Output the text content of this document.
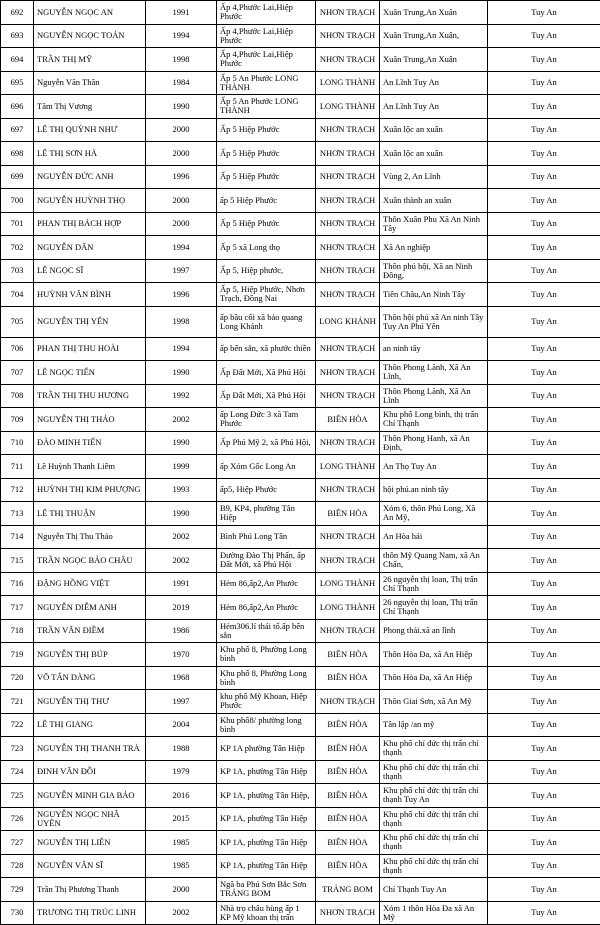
692	NGUYỄN NGỌC AN	1991	Ấp 4,Phước Lai,Hiệp Phước	NHƠN TRẠCH	Xuân Trung,An Xuân	Tuy An
693	NGUYỄN NGỌC TOẢN	1994	Ấp 4,Phước Lai,Hiệp Phước	NHƠN TRẠCH	Xuân Trung,An Xuân,	Tuy An
694	TRẦN THỊ MỸ	1998	Ấp 4,Phước Lai,Hiệp Phước	NHƠN TRẠCH	Xuân Trung,An Xuân	Tuy An
695	Nguyễn Văn Thân	1984	Ấp 5 An Phước LONG THÀNH	LONG THÀNH	An Lĩnh Tuy An	Tuy An
696	Tăm Thị Vương	1990	Ấp 5 An Phước LONG THÀNH	LONG THÀNH	An Lĩnh Tuy An	Tuy An
697	LÊ THỊ QUỲNH NHƯ	2000	Ấp 5 Hiệp Phước	NHƠN TRẠCH	Xuân lộc an xuân	Tuy An
698	LÊ THỊ SƠN HÀ	2000	Ấp 5 Hiệp Phước	NHƠN TRẠCH	Xuân lộc an xuân	Tuy An
699	NGUYỄN ĐỨC ANH	1996	Ấp 5 Hiệp Phước	NHƠN TRẠCH	Vùng 2, An Lĩnh	Tuy An
700	NGUYỄN HUỲNH THỌ	2000	ấp 5 Hiệp Phước	NHƠN TRẠCH	Xuân thành an xuân	Tuy An
701	PHAN THỊ BÁCH HỢP	2000	Ấp 5 Hiệp Phước	NHƠN TRẠCH	Thôn Xuân Phu Xã An Ninh Tây	Tuy An
702	NGUYỄN DÂN	1994	Ấp 5 xã Long thọ	NHƠN TRẠCH	Xã An nghiệp	Tuy An
703	LÊ NGỌC SĨ	1997	Ấp 5, Hiệp phước,	NHƠN TRẠCH	Thôn phú hội, Xã an Ninh Đông,	Tuy An
704	HUỲNH VĂN BÌNH	1996	Ấp 5, Hiệp Phước, Nhơn Trạch, Đồng Nai	NHƠN TRẠCH	Tiên Châu,An Ninh Tây	Tuy An
705	NGUYỄN THỊ YẾN	1998	ấp bầu cối xã bảo quang Long Khánh	LONG KHÁNH	Thôn hội phú xã An ninh Tây Tuy An Phú Yên	Tuy An
706	PHAN THỊ THU HOÀI	1994	ấp bến sắn, xã phước thiền	NHƠN TRẠCH	an ninh tây	Tuy An
707	LÊ NGỌC TIẾN	1990	Ấp Đất Mới, Xã Phú Hội	NHƠN TRẠCH	Thôn Phong Lãnh, Xã An Lĩnh,	Tuy An
708	TRẦN THỊ THU HƯƠNG	1992	Ấp Đất Mới, Xã Phú Hội	NHƠN TRẠCH	Thôn Phong Lãnh, Xã An Lĩnh	Tuy An
709	NGUYỄN THỊ THẢO	2002	ấp Long Đức 3 xã Tam Phước	BIÊN HÒA	Khu phố Long bình, thị trấn Chí Thạnh	Tuy An
710	ĐÀO MINH TIẾN	1990	Ấp Phú Mỹ 2, xã Phú Hội,	NHƠN TRẠCH	Thôn Phong Hanh, xã An Định,	Tuy An
711	Lê Huỳnh Thanh Liêm	1999	ấp Xóm Gốc Long An	LONG THÀNH	An Thọ Tuy An	Tuy An
712	HUỲNH THỊ KIM PHƯỢNG	1993	ấp5, Hiệp Phước	NHƠN TRẠCH	hội phú.an ninh tây	Tuy An
713	LÊ THỊ THUẬN	1990	B9, KP4, phường Tân Hiệp	BIÊN HÒA	Xóm 6, thôn Phú Long, Xã An Mỹ,	Tuy An
714	Nguyễn Thị Thu Thảo	2002	Bình Phú Long Tân	NHƠN TRẠCH	An Hòa hải	Tuy An
715	TRẦN NGỌC BẢO CHÂU	2002	Đường Đào Thị Phấn, ấp Đất Mới, xã Phú Hội	NHƠN TRẠCH	thôn Mỹ Quang Nam, xã An Chấn,	Tuy An
716	ĐẶNG HỒNG VIỆT	1991	Hẻm 86,ấp2,An Phước	LONG THÀNH	26 nguyễn thị loan, Thị trấn Chí Thạnh	Tuy An
717	NGUYỄN DIỄM ANH	2019	Hẻm 86,ấp2,An Phước	LONG THÀNH	26 nguyễn thị loan, Thị trấn Chí Thạnh	Tuy An
718	TRẦN VĂN ĐIỀM	1986	Hẻm306.lí thái tổ.ấp bến sắn	NHƠN TRẠCH	Phong thái.xã an lĩnh	Tuy An
719	NGUYỄN THỊ BÚP	1970	Khu phố 8, Phường Long bình	BIÊN HÒA	Thôn Hòa Đa, xã An Hiệp	Tuy An
720	VÕ TẤN DÀNG	1968	Khu phố 8, Phường Long bình	BIÊN HÒA	Thôn Hòa Đa, xã An Hiệp	Tuy An
721	NGUYỄN THỊ THƯ	1997	khu phố Mỹ Khoan, Hiệp Phước	NHƠN TRẠCH	Thôn Giai Sơn, xã An Mỹ	Tuy An
722	LÊ THỊ GIANG	2004	Khu phố8/ phường long bình	BIÊN HÒA	Tân lập /an mỹ	Tuy An
723	NGUYỄN THỊ THANH TRÀ	1988	KP 1A phường Tân Hiệp	BIÊN HÒA	Khu phố chí đức thị trấn chí thạnh	Tuy An
724	ĐINH VĂN ĐỒI	1979	KP 1A, phường Tân Hiệp	BIÊN HÒA	Khu phố chí đức thị trấn chí thạnh	Tuy An
725	NGUYỄN MINH GIA BẢO	2016	KP 1A, phường Tân Hiệp,	BIÊN HÒA	Khu phố chí đức thị trấn chí thạnh Tuy An	Tuy An
726	NGUYỄN NGỌC NHÃ UYÊN	2015	KP 1A, phường Tân Hiệp	BIÊN HÒA	Khu phố chí đức thị trấn chí thạnh	Tuy An
727	NGUYỄN THỊ LIÊN	1985	KP 1A, phường Tân Hiệp	BIÊN HÒA	Khu phố chí đức thị trấn chí thạnh	Tuy An
728	NGUYỄN VĂN SĨ	1985	KP 1A, phường Tân Hiệp	BIÊN HÒA	Khu phố chí đức thị trấn chí thạnh	Tuy An
729	Trần Thị Phương Thanh	2000	Ngã ba Phú Sơn Bắc Sơn TRẢNG BOM	TRẢNG BOM	Chí Thạnh Tuy An	Tuy An
730	TRƯƠNG THỊ TRÚC LINH	2002	Nhà trọ châu hùng ấp 1 KP Mỹ khoan thị trấn	NHƠN TRẠCH	Xóm 1 thôn Hòa Đa xã An Mỹ	Tuy An
